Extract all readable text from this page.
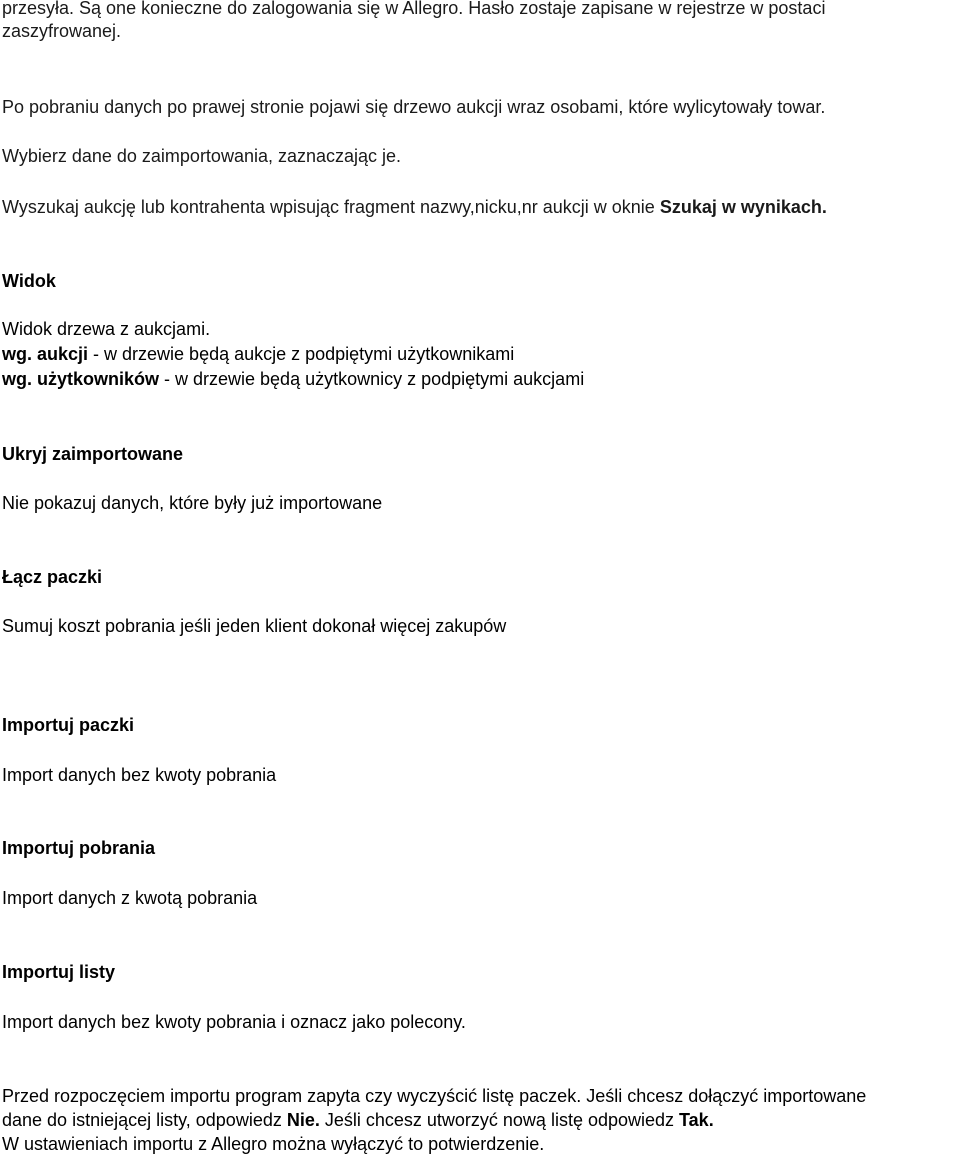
przesyła. Są one konieczne do zalogowania się w Allegro. Hasło zostaje zapisane w rejestrze w postaci
zaszyfrowanej.
Po pobraniu danych po prawej stronie pojawi się drzewo aukcji wraz osobami, które wylicytowały towar.
Wybierz dane do zaimportowania, zaznaczając je.
Wyszukaj aukcję lub kontrahenta wpisując fragment nazwy,nicku,nr aukcji w oknie Szukaj w wynikach.
Widok
Widok drzewa z aukcjami.
wg. aukcji - w drzewie będą aukcje z podpiętymi użytkownikami
wg. użytkowników - w drzewie będą użytkownicy z podpiętymi aukcjami
Ukryj zaimportowane
Nie pokazuj danych, które były już importowane
Łącz paczki
Sumuj koszt pobrania jeśli jeden klient dokonał więcej zakupów
Importuj paczki
Import danych bez kwoty pobrania
Importuj pobrania
Import danych z kwotą pobrania
Importuj listy
Import danych bez kwoty pobrania i oznacz jako polecony.
Przed rozpoczęciem importu program zapyta czy wyczyścić listę paczek. Jeśli chcesz dołączyć importowane
dane do istniejącej listy, odpowiedz Nie. Jeśli chcesz utworzyć nową listę odpowiedz Tak.
W ustawieniach importu z Allegro można wyłączyć to potwierdzenie.
